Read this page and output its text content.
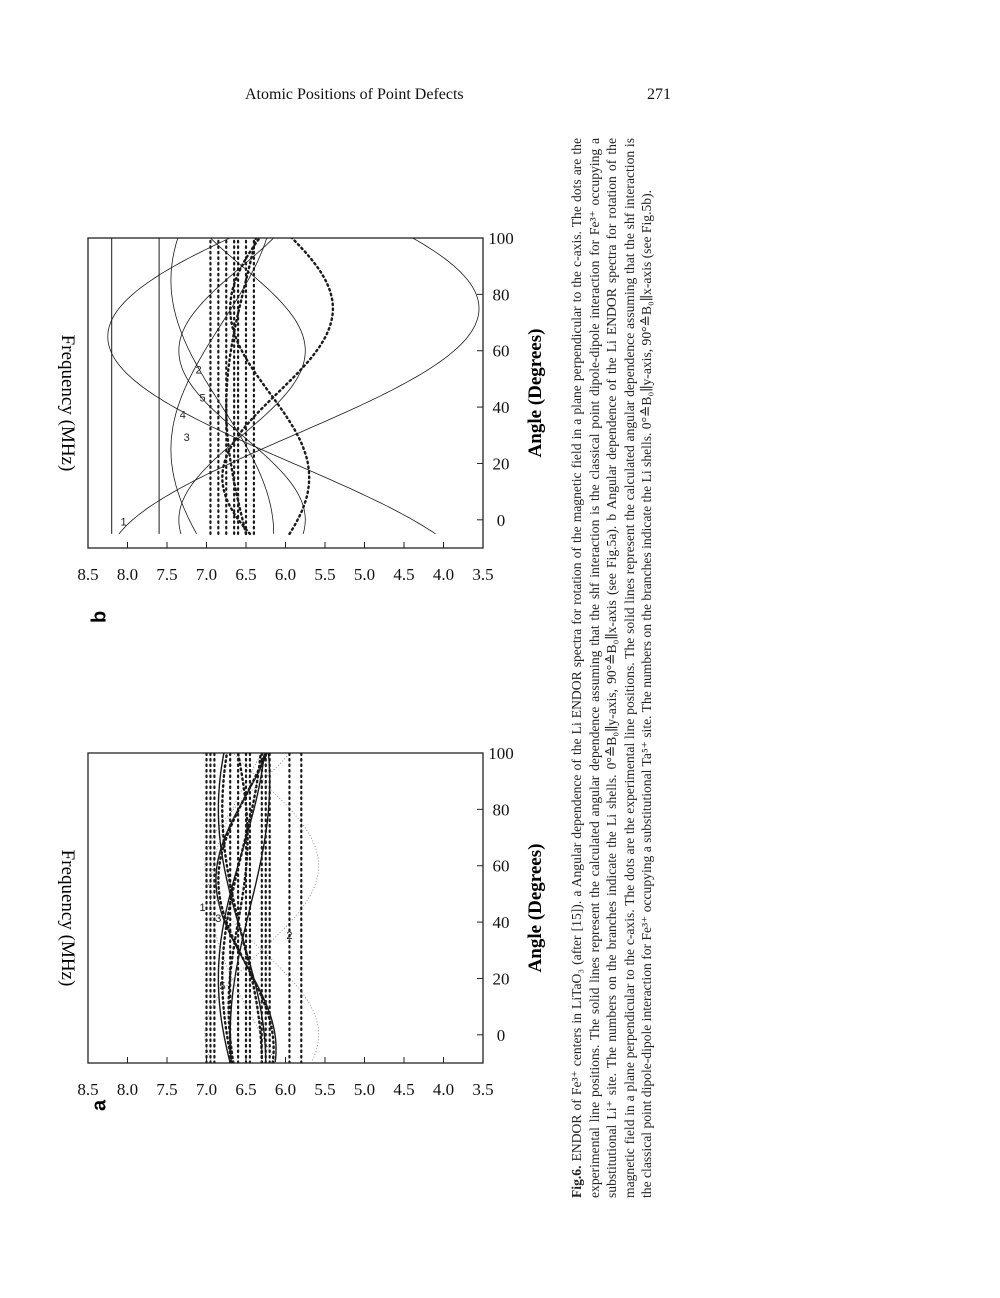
Atomic Positions of Point Defects	271
a
Frequency (MHz)	Angle (Degrees)
8.5 8.0 7.5 7.0 6.5 6.0 5.5 5.0 4.5 4.0 3.5
0
20
40
60
80
100
1
3
5
2
b
Frequency (MHz)	Angle (Degrees)
8.5 8.0 7.5 7.0 6.5 6.0 5.5 5.0 4.5 4.0 3.5
0
20
40
60
80
100
1
2
3
4
5
Fig.6. ENDOR of Fe³⁺ centers in LiTaO₃ (after [15]). a Angular dependence of the Li ENDOR spectra for rotation of the magnetic field in a plane perpendicular to the c-axis. The dots are the experimental line positions. The solid lines represent the calculated angular dependence assuming that the shf interaction is the classical point dipole-dipole interaction for Fe³⁺ occupying a substitutional Li⁺ site. The numbers on the branches indicate the Li shells. 0°≙B₀∥y-axis, 90°≙B₀∥x-axis (see Fig.5a). b Angular dependence of the Li ENDOR spectra for rotation of the magnetic field in a plane perpendicular to the c-axis. The dots are the experimental line positions. The solid lines represent the calculated angular dependence assuming that the shf interaction is the classical point dipole-dipole interaction for Fe³⁺ occupying a substitutional Ta⁵⁺ site. The numbers on the branches indicate the Li shells. 0°≙B₀∥y-axis, 90°≙B₀∥x-axis (see Fig.5b).
